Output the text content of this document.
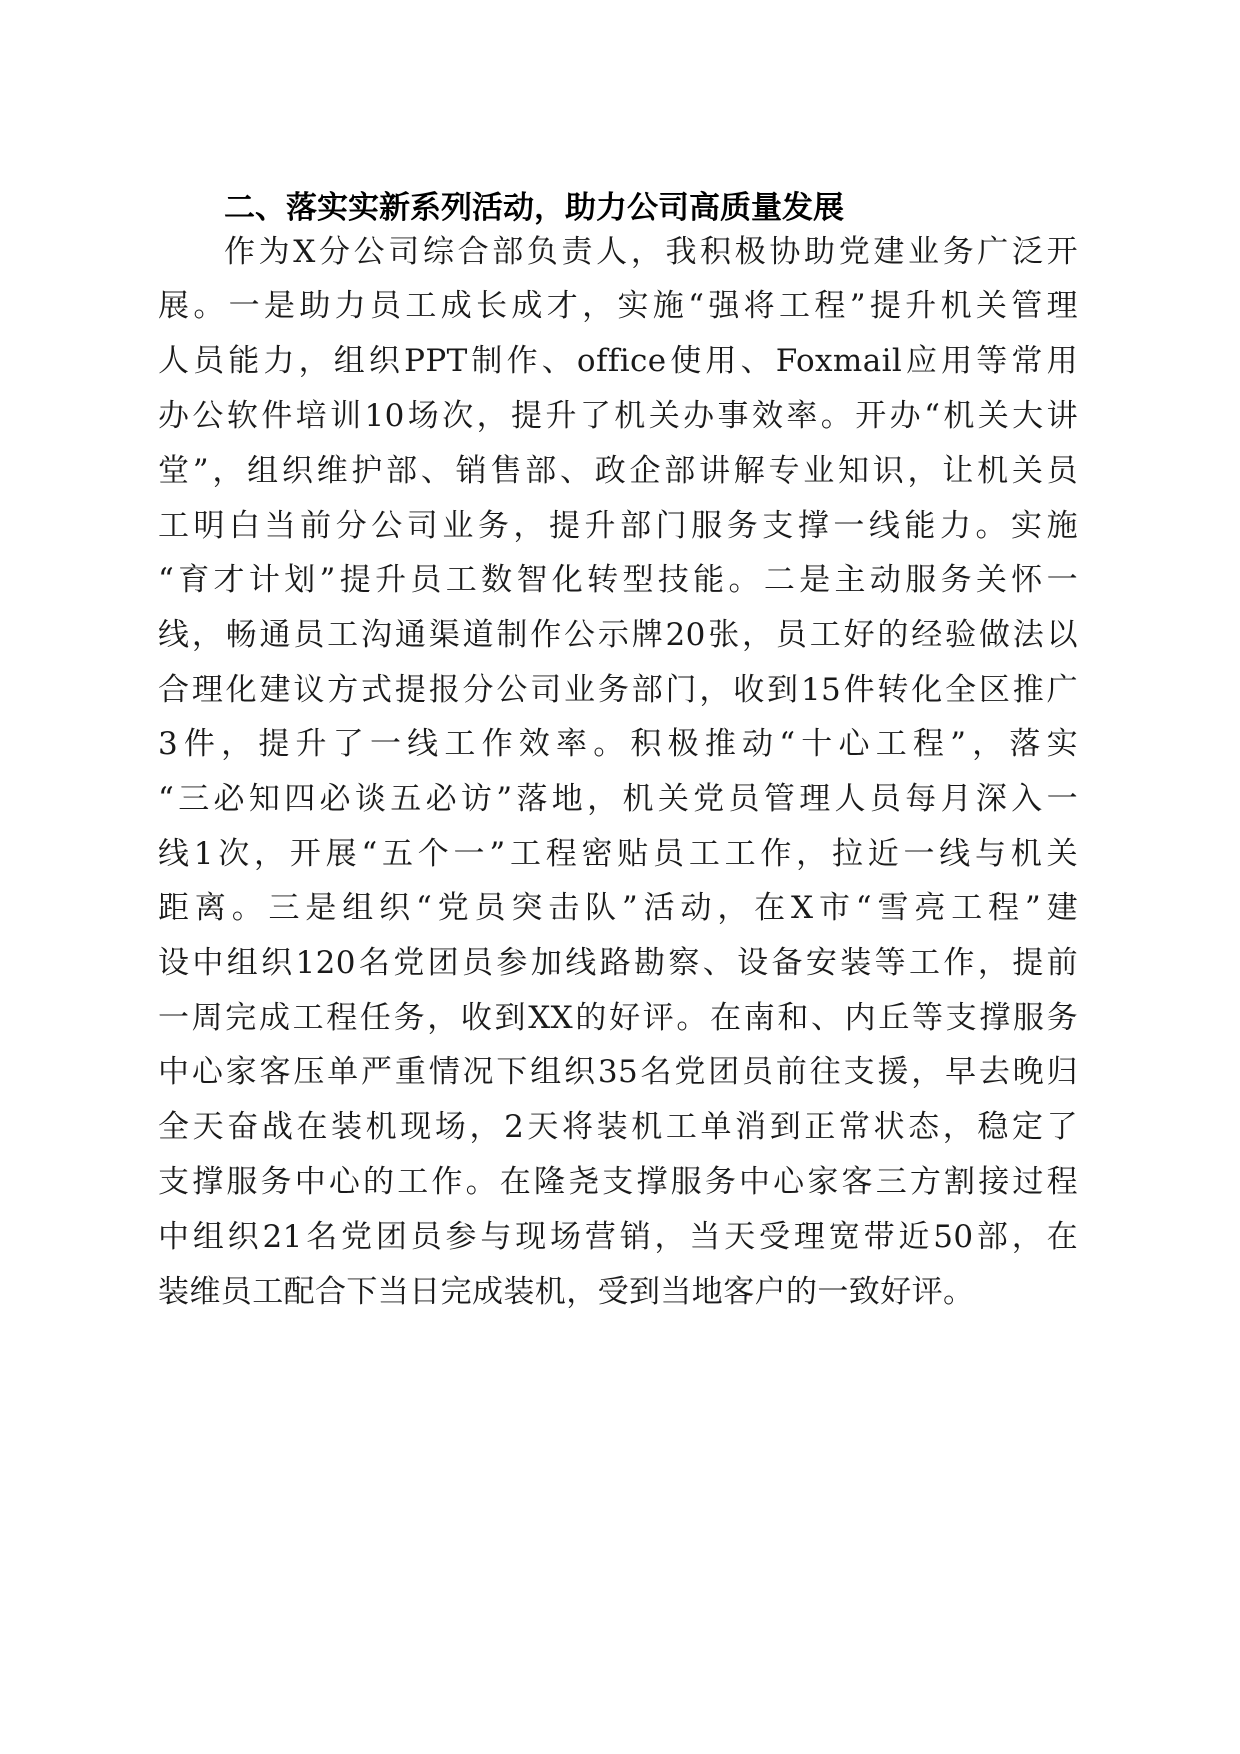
二、落实实新系列活动，助力公司高质量发展
作为X分公司综合部负责人，我积极协助党建业务广泛开
展。一是助力员工成长成才，实施“强将工程”提升机关管理
人员能力，组织PPT制作、office使用、Foxmail应用等常用
办公软件培训10场次，提升了机关办事效率。开办“机关大讲
堂”，组织维护部、销售部、政企部讲解专业知识，让机关员
工明白当前分公司业务，提升部门服务支撑一线能力。实施
“育才计划”提升员工数智化转型技能。二是主动服务关怀一
线，畅通员工沟通渠道制作公示牌20张，员工好的经验做法以
合理化建议方式提报分公司业务部门，收到15件转化全区推广
3件，提升了一线工作效率。积极推动“十心工程”，落实
“三必知四必谈五必访”落地，机关党员管理人员每月深入一
线1次，开展“五个一”工程密贴员工工作，拉近一线与机关
距离。三是组织“党员突击队”活动，在X市“雪亮工程”建
设中组织120名党团员参加线路勘察、设备安装等工作，提前
一周完成工程任务，收到XX的好评。在南和、内丘等支撑服务
中心家客压单严重情况下组织35名党团员前往支援，早去晚归
全天奋战在装机现场，2天将装机工单消到正常状态，稳定了
支撑服务中心的工作。在隆尧支撑服务中心家客三方割接过程
中组织21名党团员参与现场营销，当天受理宽带近50部，在
装维员工配合下当日完成装机，受到当地客户的一致好评。
